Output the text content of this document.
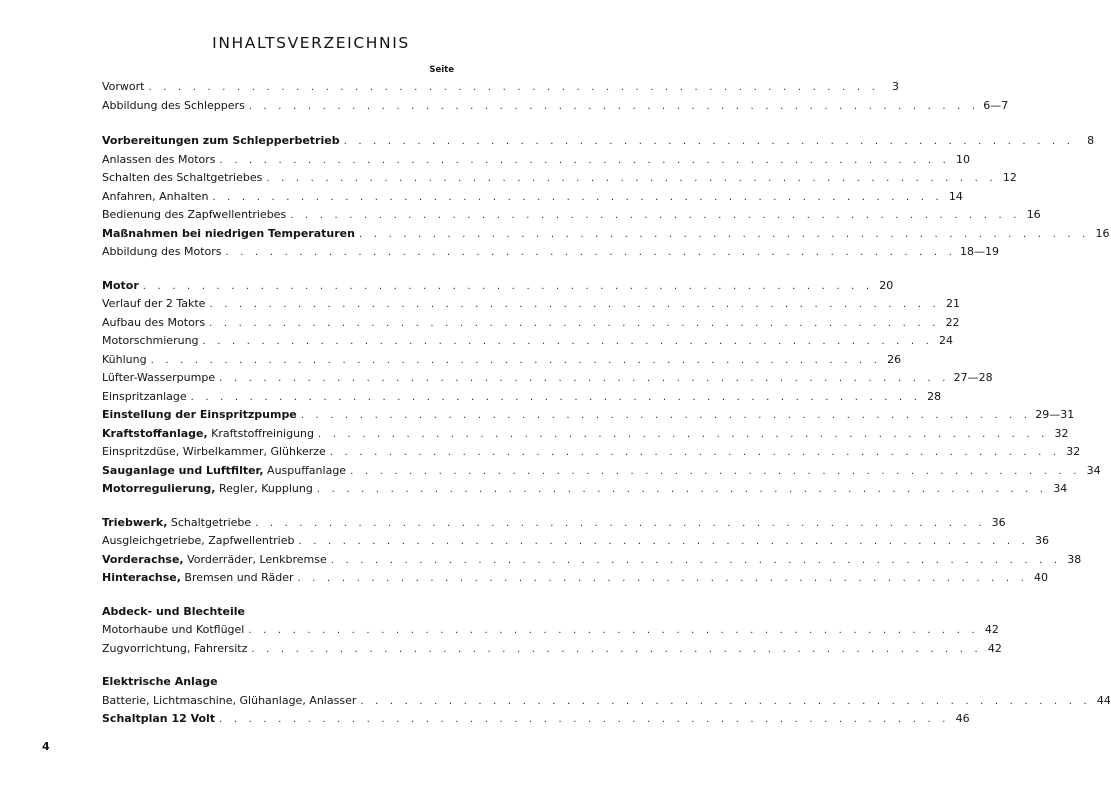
INHALTSVERZEICHNIS
Seite
Vorwort . . . . . . . . . . . . . . . . . . . . . . . . . . . . . . . . . . . . . . . . . . . . . . . . . .	3
Abbildung des Schleppers . . . . . . . . . . . . . . . . . . . . . . . . . . . . . . . . . . . . . . . . . . . . . . . . . . 6—7
Vorbereitungen zum Schlepperbetrieb . . . . . . . . . . . . . . . . . . . . . . . . . . . . . . . . . . . . . . . . . . . . . . . . . .	8
Anlassen des Motors . . . . . . . . . . . . . . . . . . . . . . . . . . . . . . . . . . . . . . . . . . . . . . . . . . 10
Schalten des Schaltgetriebes . . . . . . . . . . . . . . . . . . . . . . . . . . . . . . . . . . . . . . . . . . . . . . . . . . 12
Anfahren, Anhalten . . . . . . . . . . . . . . . . . . . . . . . . . . . . . . . . . . . . . . . . . . . . . . . . . . 14
Bedienung des Zapfwellentriebes . . . . . . . . . . . . . . . . . . . . . . . . . . . . . . . . . . . . . . . . . . . . . . . . . . 16
Maßnahmen bei niedrigen Temperaturen . . . . . . . . . . . . . . . . . . . . . . . . . . . . . . . . . . . . . . . . . . . . . . . . . . 16
Abbildung des Motors . . . . . . . . . . . . . . . . . . . . . . . . . . . . . . . . . . . . . . . . . . . . . . . . . . 18—19
Motor . . . . . . . . . . . . . . . . . . . . . . . . . . . . . . . . . . . . . . . . . . . . . . . . . . 20
Verlauf der 2 Takte . . . . . . . . . . . . . . . . . . . . . . . . . . . . . . . . . . . . . . . . . . . . . . . . . . 21
Aufbau des Motors . . . . . . . . . . . . . . . . . . . . . . . . . . . . . . . . . . . . . . . . . . . . . . . . . . 22
Motorschmierung . . . . . . . . . . . . . . . . . . . . . . . . . . . . . . . . . . . . . . . . . . . . . . . . . . 24
Kühlung . . . . . . . . . . . . . . . . . . . . . . . . . . . . . . . . . . . . . . . . . . . . . . . . . . 26
Lüfter-Wasserpumpe . . . . . . . . . . . . . . . . . . . . . . . . . . . . . . . . . . . . . . . . . . . . . . . . . . 27—28
Einspritzanlage . . . . . . . . . . . . . . . . . . . . . . . . . . . . . . . . . . . . . . . . . . . . . . . . . . 28
Einstellung der Einspritzpumpe . . . . . . . . . . . . . . . . . . . . . . . . . . . . . . . . . . . . . . . . . . . . . . . . . . 29—31
Kraftstoffanlage, Kraftstoffreinigung . . . . . . . . . . . . . . . . . . . . . . . . . . . . . . . . . . . . . . . . . . . . . . . . . . 32
Einspritzdüse, Wirbelkammer, Glühkerze . . . . . . . . . . . . . . . . . . . . . . . . . . . . . . . . . . . . . . . . . . . . . . . . . . 32
Sauganlage und Luftfilter, Auspuffanlage . . . . . . . . . . . . . . . . . . . . . . . . . . . . . . . . . . . . . . . . . . . . . . . . . . 34
Motorregulierung, Regler, Kupplung . . . . . . . . . . . . . . . . . . . . . . . . . . . . . . . . . . . . . . . . . . . . . . . . . . 34
Triebwerk, Schaltgetriebe . . . . . . . . . . . . . . . . . . . . . . . . . . . . . . . . . . . . . . . . . . . . . . . . . . 36
Ausgleichgetriebe, Zapfwellentrieb . . . . . . . . . . . . . . . . . . . . . . . . . . . . . . . . . . . . . . . . . . . . . . . . . . 36
Vorderachse, Vorderräder, Lenkbremse . . . . . . . . . . . . . . . . . . . . . . . . . . . . . . . . . . . . . . . . . . . . . . . . . . 38
Hinterachse, Bremsen und Räder . . . . . . . . . . . . . . . . . . . . . . . . . . . . . . . . . . . . . . . . . . . . . . . . . . 40
Abdeck- und Blechteile
Motorhaube und Kotflügel . . . . . . . . . . . . . . . . . . . . . . . . . . . . . . . . . . . . . . . . . . . . . . . . . . 42
Zugvorrichtung, Fahrersitz . . . . . . . . . . . . . . . . . . . . . . . . . . . . . . . . . . . . . . . . . . . . . . . . . . 42
Elektrische Anlage
Batterie, Lichtmaschine, Glühanlage, Anlasser . . . . . . . . . . . . . . . . . . . . . . . . . . . . . . . . . . . . . . . . . . . . . . . . . . 44
Schaltplan 12 Volt . . . . . . . . . . . . . . . . . . . . . . . . . . . . . . . . . . . . . . . . . . . . . . . . . . 46
4
